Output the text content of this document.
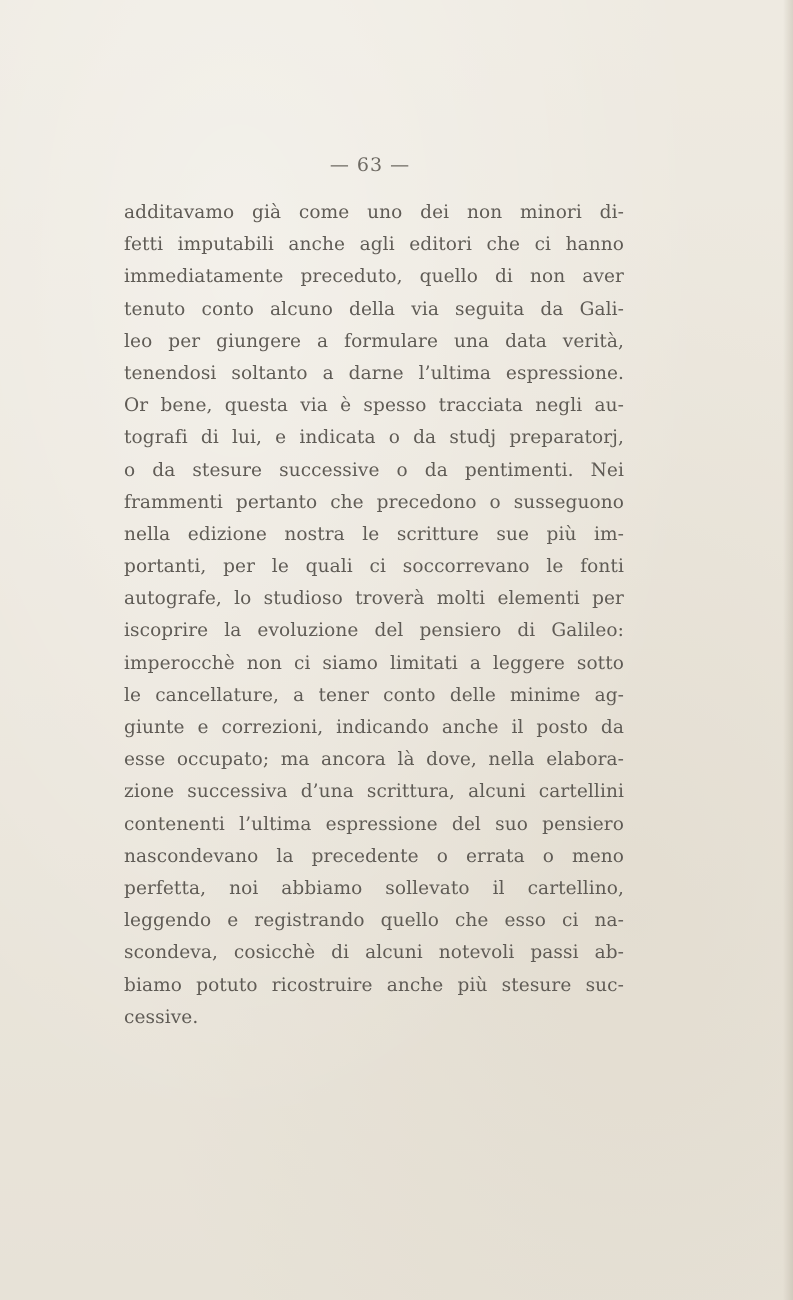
— 63 —
additavamo già come uno dei non minori di-
fetti imputabili anche agli editori che ci hanno
immediatamente preceduto, quello di non aver
tenuto conto alcuno della via seguita da Gali-
leo per giungere a formulare una data verità,
tenendosi soltanto a darne l’ultima espressione.
Or bene, questa via è spesso tracciata negli au-
tografi di lui, e indicata o da studj preparatorj,
o da stesure successive o da pentimenti. Nei
frammenti pertanto che precedono o susseguono
nella edizione nostra le scritture sue più im-
portanti, per le quali ci soccorrevano le fonti
autografe, lo studioso troverà molti elementi per
iscoprire la evoluzione del pensiero di Galileo:
imperocchè non ci siamo limitati a leggere sotto
le cancellature, a tener conto delle minime ag-
giunte e correzioni, indicando anche il posto da
esse occupato; ma ancora là dove, nella elabora-
zione successiva d’una scrittura, alcuni cartellini
contenenti l’ultima espressione del suo pensiero
nascondevano la precedente o errata o meno
perfetta, noi abbiamo sollevato il cartellino,
leggendo e registrando quello che esso ci na-
scondeva, cosicchè di alcuni notevoli passi ab-
biamo potuto ricostruire anche più stesure suc-
cessive.
